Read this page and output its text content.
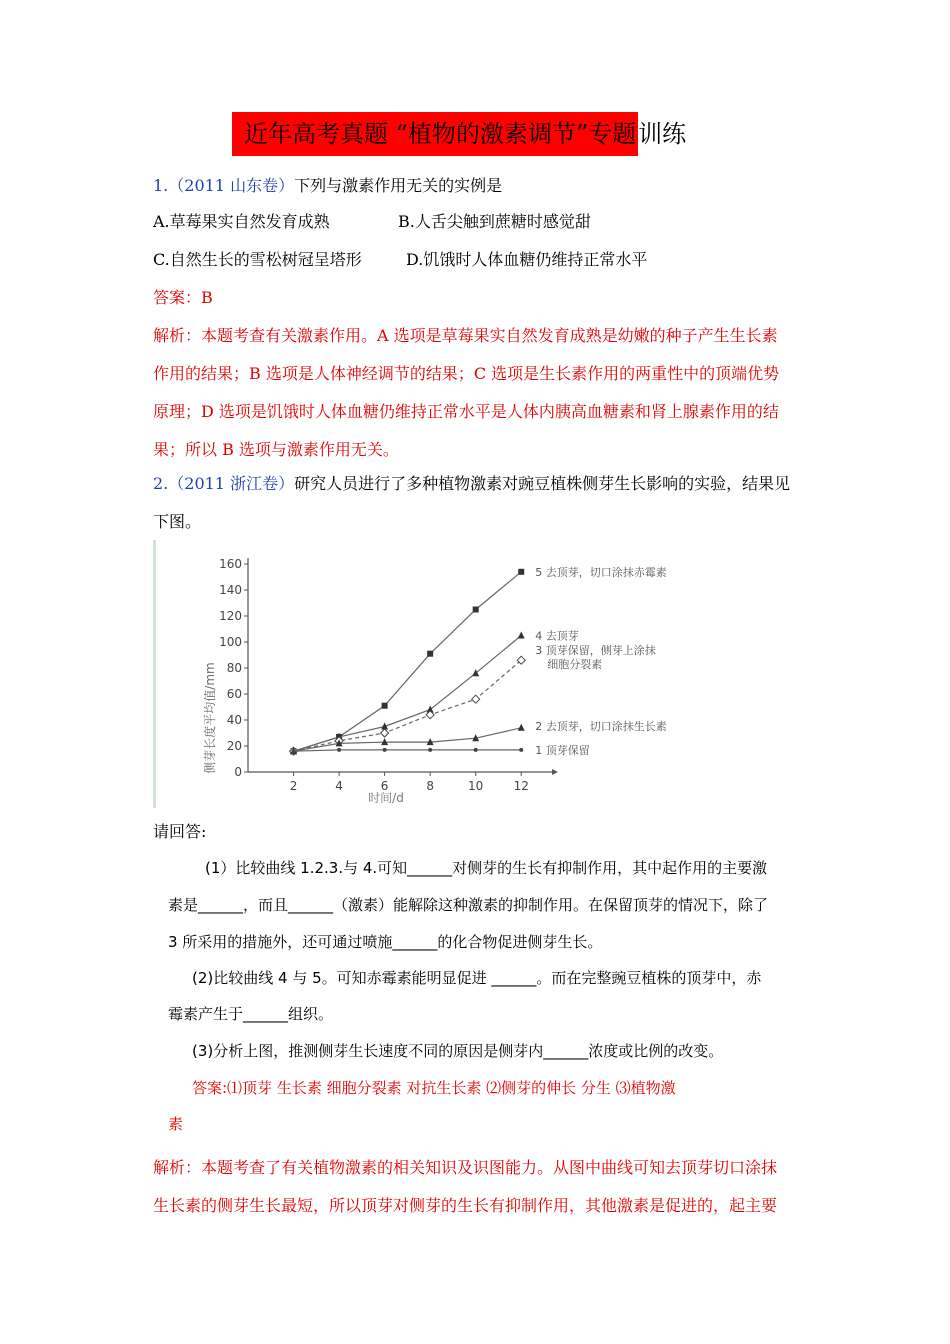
近年高考真题 “植物的激素调节”专题训练
1.（2011 山东卷）下列与激素作用无关的实例是
A.草莓果实自然发育成熟	B.人舌尖触到蔗糖时感觉甜
C.自然生长的雪松树冠呈塔形	D.饥饿时人体血糖仍维持正常水平
答案：B
解析：本题考查有关激素作用。A 选项是草莓果实自然发育成熟是幼嫩的种子产生生长素
作用的结果；B 选项是人体神经调节的结果；C 选项是生长素作用的两重性中的顶端优势
原理；D 选项是饥饿时人体血糖仍维持正常水平是人体内胰高血糖素和肾上腺素作用的结
果；所以 B 选项与激素作用无关。
2.（2011 浙江卷）研究人员进行了多种植物激素对豌豆植株侧芽生长影响的实验，结果见
下图。
0
20
40
60
80
100
120
140
160
2	4	6	8	10	12
侧芽长度平均值/mm
时间/d
5 去顶芽，切口涂抹赤霉素
4 去顶芽
3 顶芽保留，侧芽上涂抹细胞分裂素
2 去顶芽，切口涂抹生长素
1 顶芽保留
请回答:
(1）比较曲线 1.2.3.与 4.可知______对侧芽的生长有抑制作用，其中起作用的主要激
素是______，而且______（激素）能解除这种激素的抑制作用。在保留顶芽的情况下，除了
3 所采用的措施外，还可通过喷施______的化合物促进侧芽生长。
(2)比较曲线 4 与 5。可知赤霉素能明显促进 ______。而在完整豌豆植株的顶芽中，赤
霉素产生于______组织。
(3)分析上图，推测侧芽生长速度不同的原因是侧芽内______浓度或比例的改变。
答案:⑴顶芽 生长素 细胞分裂素 对抗生长素 ⑵侧芽的伸长 分生 ⑶植物激
素
解析：本题考查了有关植物激素的相关知识及识图能力。从图中曲线可知去顶芽切口涂抹
生长素的侧芽生长最短，所以顶芽对侧芽的生长有抑制作用，其他激素是促进的，起主要
